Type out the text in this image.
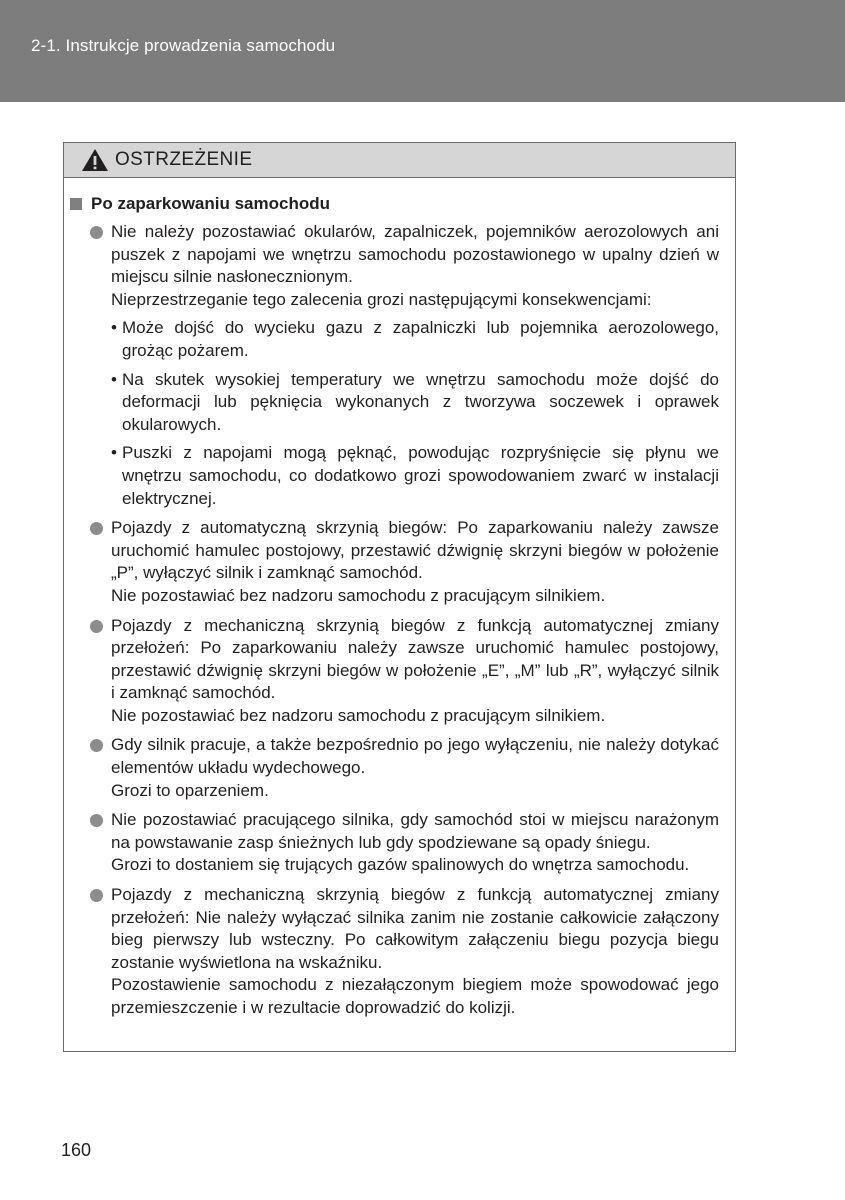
2-1. Instrukcje prowadzenia samochodu
OSTRZEŻENIE
Po zaparkowaniu samochodu

Nie należy pozostawiać okularów, zapalniczek, pojemników aerozolowych ani puszek z napojami we wnętrzu samochodu pozostawionego w upalny dzień w miejscu silnie nasłonecznionym.

Nieprzestrzeganie tego zalecenia grozi następującymi konsekwencjami:

• Może dojść do wycieku gazu z zapalniczki lub pojemnika aerozolowego, grożąc pożarem.

• Na skutek wysokiej temperatury we wnętrzu samochodu może dojść do deformacji lub pęknięcia wykonanych z tworzywa soczewek i oprawek okularowych.

• Puszki z napojami mogą pęknąć, powodując rozpryśnięcie się płynu we wnętrzu samochodu, co dodatkowo grozi spowodowaniem zwarć w instalacji elektrycznej.

Pojazdy z automatyczną skrzynią biegów: Po zaparkowaniu należy zawsze uruchomić hamulec postojowy, przestawić dźwignię skrzyni biegów w położenie „P”, wyłączyć silnik i zamknąć samochód.

Nie pozostawiać bez nadzoru samochodu z pracującym silnikiem.

Pojazdy z mechaniczną skrzynią biegów z funkcją automatycznej zmiany przełożeń: Po zaparkowaniu należy zawsze uruchomić hamulec postojowy, przestawić dźwignię skrzyni biegów w położenie „E”, „M” lub „R”, wyłączyć silnik i zamknąć samochód.

Nie pozostawiać bez nadzoru samochodu z pracującym silnikiem.

Gdy silnik pracuje, a także bezpośrednio po jego wyłączeniu, nie należy dotykać elementów układu wydechowego.

Grozi to oparzeniem.

Nie pozostawiać pracującego silnika, gdy samochód stoi w miejscu narażonym na powstawanie zasp śnieżnych lub gdy spodziewane są opady śniegu.

Grozi to dostaniem się trujących gazów spalinowych do wnętrza samochodu.

Pojazdy z mechaniczną skrzynią biegów z funkcją automatycznej zmiany przełożeń: Nie należy wyłączać silnika zanim nie zostanie całkowicie załączony bieg pierwszy lub wsteczny. Po całkowitym załączeniu biegu pozycja biegu zostanie wyświetlona na wskaźniku.

Pozostawienie samochodu z niezałączonym biegiem może spowodować jego przemieszczenie i w rezultacie doprowadzić do kolizji.

160
